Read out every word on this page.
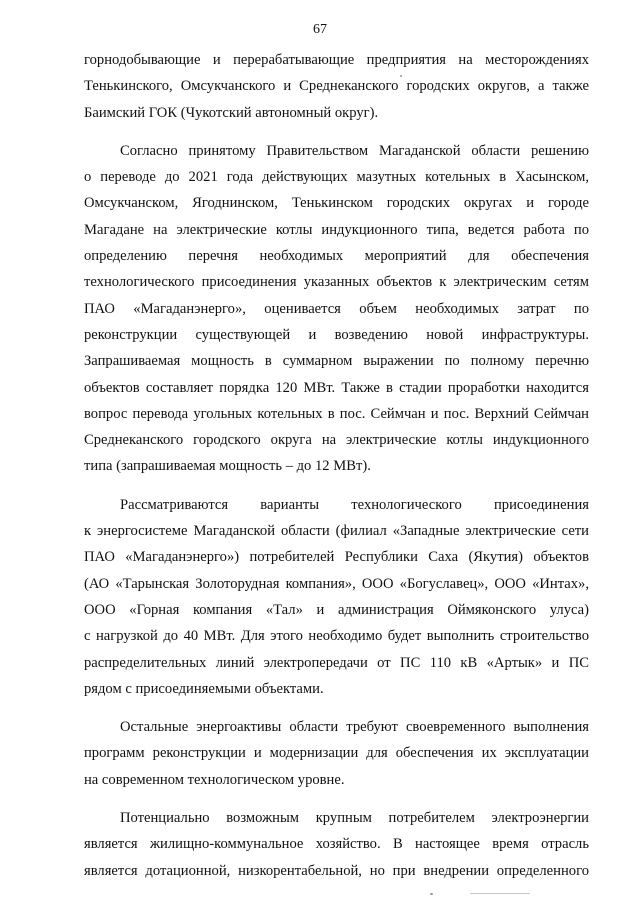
67
горнодобывающие и перерабатывающие предприятия на месторождениях
Тенькинского, Омсукчанского и Среднеканского городских округов, а также
Баимский ГОК (Чукотский автономный округ).
Согласно принятому Правительством Магаданской области решению
о переводе до 2021 года действующих мазутных котельных в Хасынском,
Омсукчанском, Ягоднинском, Тенькинском городских округах и городе
Магадане на электрические котлы индукционного типа, ведется работа по
определению перечня необходимых мероприятий для обеспечения
технологического присоединения указанных объектов к электрическим сетям
ПАО «Магаданэнерго», оценивается объем необходимых затрат по
реконструкции существующей и возведению новой инфраструктуры.
Запрашиваемая мощность в суммарном выражении по полному перечню
объектов составляет порядка 120 МВт. Также в стадии проработки находится
вопрос перевода угольных котельных в пос. Сеймчан и пос. Верхний Сеймчан
Среднеканского городского округа на электрические котлы индукционного
типа (запрашиваемая мощность – до 12 МВт).
Рассматриваются варианты технологического присоединения
к энергосистеме Магаданской области (филиал «Западные электрические сети
ПАО «Магаданэнерго») потребителей Республики Саха (Якутия) объектов
(АО «Тарынская Золоторудная компания», ООО «Богуславец», ООО «Интах»,
ООО «Горная компания «Тал» и администрация Оймяконского улуса)
с нагрузкой до 40 МВт. Для этого необходимо будет выполнить строительство
распределительных линий электропередачи от ПС 110 кВ «Артык» и ПС
рядом с присоединяемыми объектами.
Остальные энергоактивы области требуют своевременного выполнения
программ реконструкции и модернизации для обеспечения их эксплуатации
на современном технологическом уровне.
Потенциально возможным крупным потребителем электроэнергии
является жилищно-коммунальное хозяйство. В настоящее время отрасль
является дотационной, низкорентабельной, но при внедрении определенного
